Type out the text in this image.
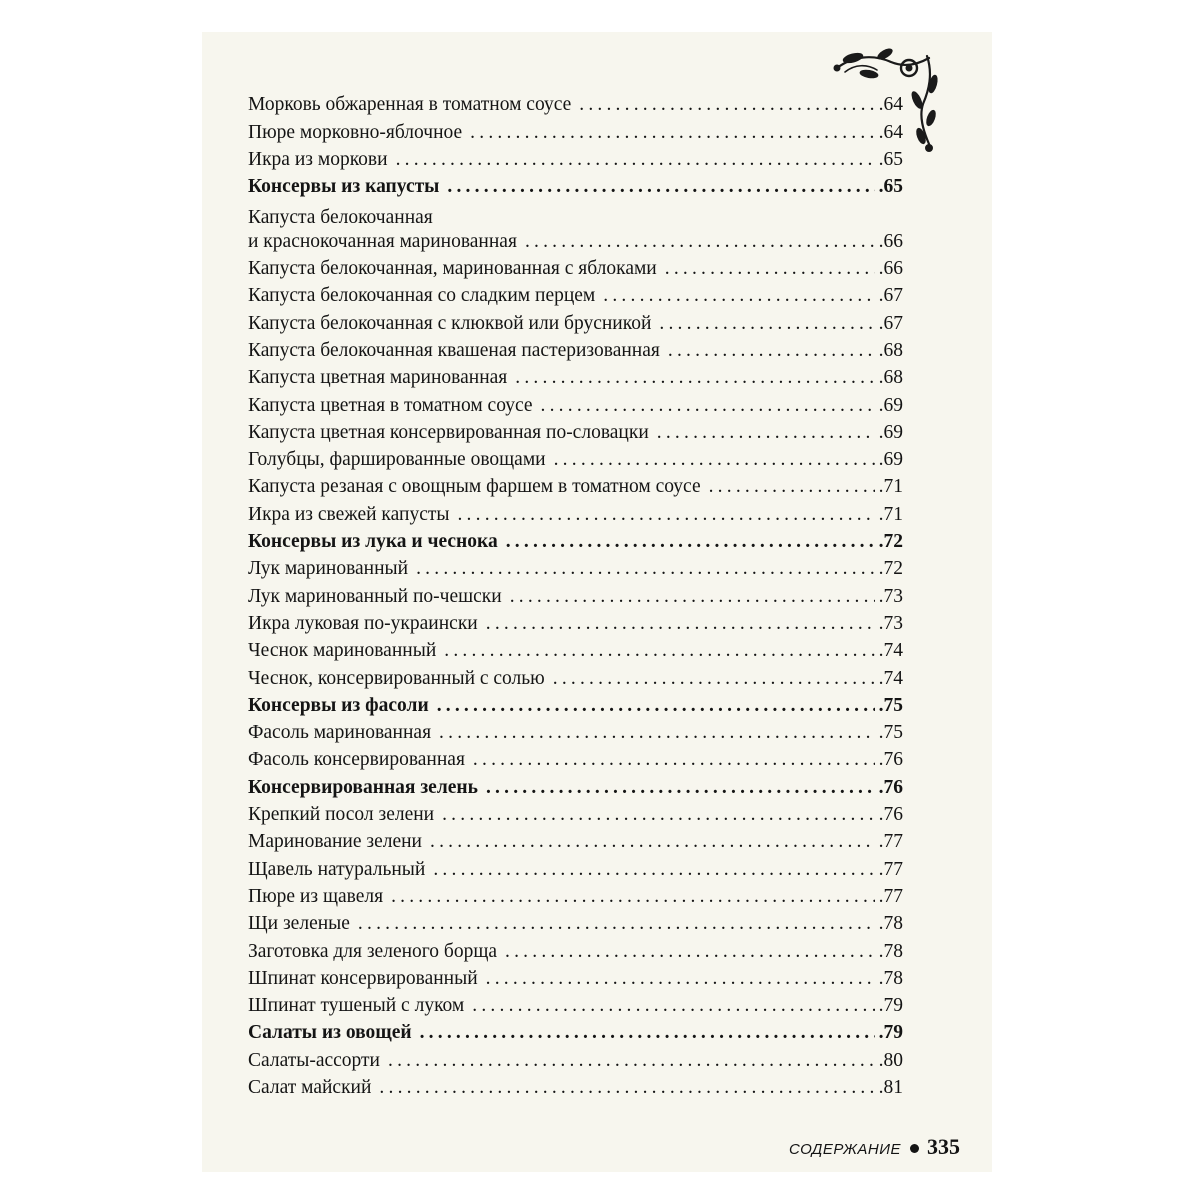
Морковь обжаренная в томатном соусе .....	.64
Пюре морковно-яблочное .....	.64
Икра из моркови .....	.65
Консервы из капусты .....	.65
Капуста белокочанная
и краснокочанная маринованная .....	.66
Капуста белокочанная, маринованная с яблоками .....	.66
Капуста белокочанная со сладким перцем .....	.67
Капуста белокочанная с клюквой или брусникой .....	.67
Капуста белокочанная квашеная пастеризованная .....	.68
Капуста цветная маринованная .....	.68
Капуста цветная в томатном соусе .....	.69
Капуста цветная консервированная по-словацки .....	.69
Голубцы, фаршированные овощами .....	.69
Капуста резаная с овощным фаршем в томатном соусе .....	.71
Икра из свежей капусты .....	.71
Консервы из лука и чеснока .....	.72
Лук маринованный .....	.72
Лук маринованный по-чешски .....	.73
Икра луковая по-украински .....	.73
Чеснок маринованный .....	.74
Чеснок, консервированный с солью .....	.74
Консервы из фасоли .....	.75
Фасоль маринованная .....	.75
Фасоль консервированная .....	.76
Консервированная зелень .....	.76
Крепкий посол зелени .....	.76
Маринование зелени .....	.77
Щавель натуральный .....	.77
Пюре из щавеля .....	.77
Щи зеленые .....	.78
Заготовка для зеленого борща .....	.78
Шпинат консервированный .....	.78
Шпинат тушеный с луком .....	.79
Салаты из овощей .....	.79
Салаты-ассорти .....	.80
Салат майский .....	.81
СОДЕРЖАНИЕ 335
